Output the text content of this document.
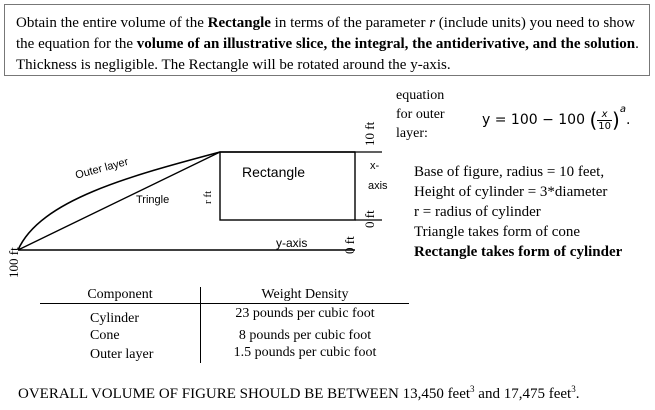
Obtain the entire volume of the Rectangle in terms of the parameter r (include units) you need to show the equation for the volume of an illustrative slice, the integral, the antiderivative, and the solution. Thickness is negligible. The Rectangle will be rotated around the y-axis.
Outer layer
Tringle
Rectangle
r ft
10 ft
0 ft
0 ft
100 ft
x-
axis
y-axis
equation
for outer
layer:
y = 100 − 100 ( $\frac{x}{10} )^a$.
Base of figure, radius = 10 feet,
Height of cylinder = 3*diameter
r = radius of cylinder
Triangle takes form of cone
Rectangle takes form of cylinder
Component	Weight Density
Cylinder	23 pounds per cubic foot
Cone	8 pounds per cubic foot
Outer layer	1.5 pounds per cubic foot
OVERALL VOLUME OF FIGURE SHOULD BE BETWEEN 13,450 feet$^3$ and 17,475 feet$^3$.
